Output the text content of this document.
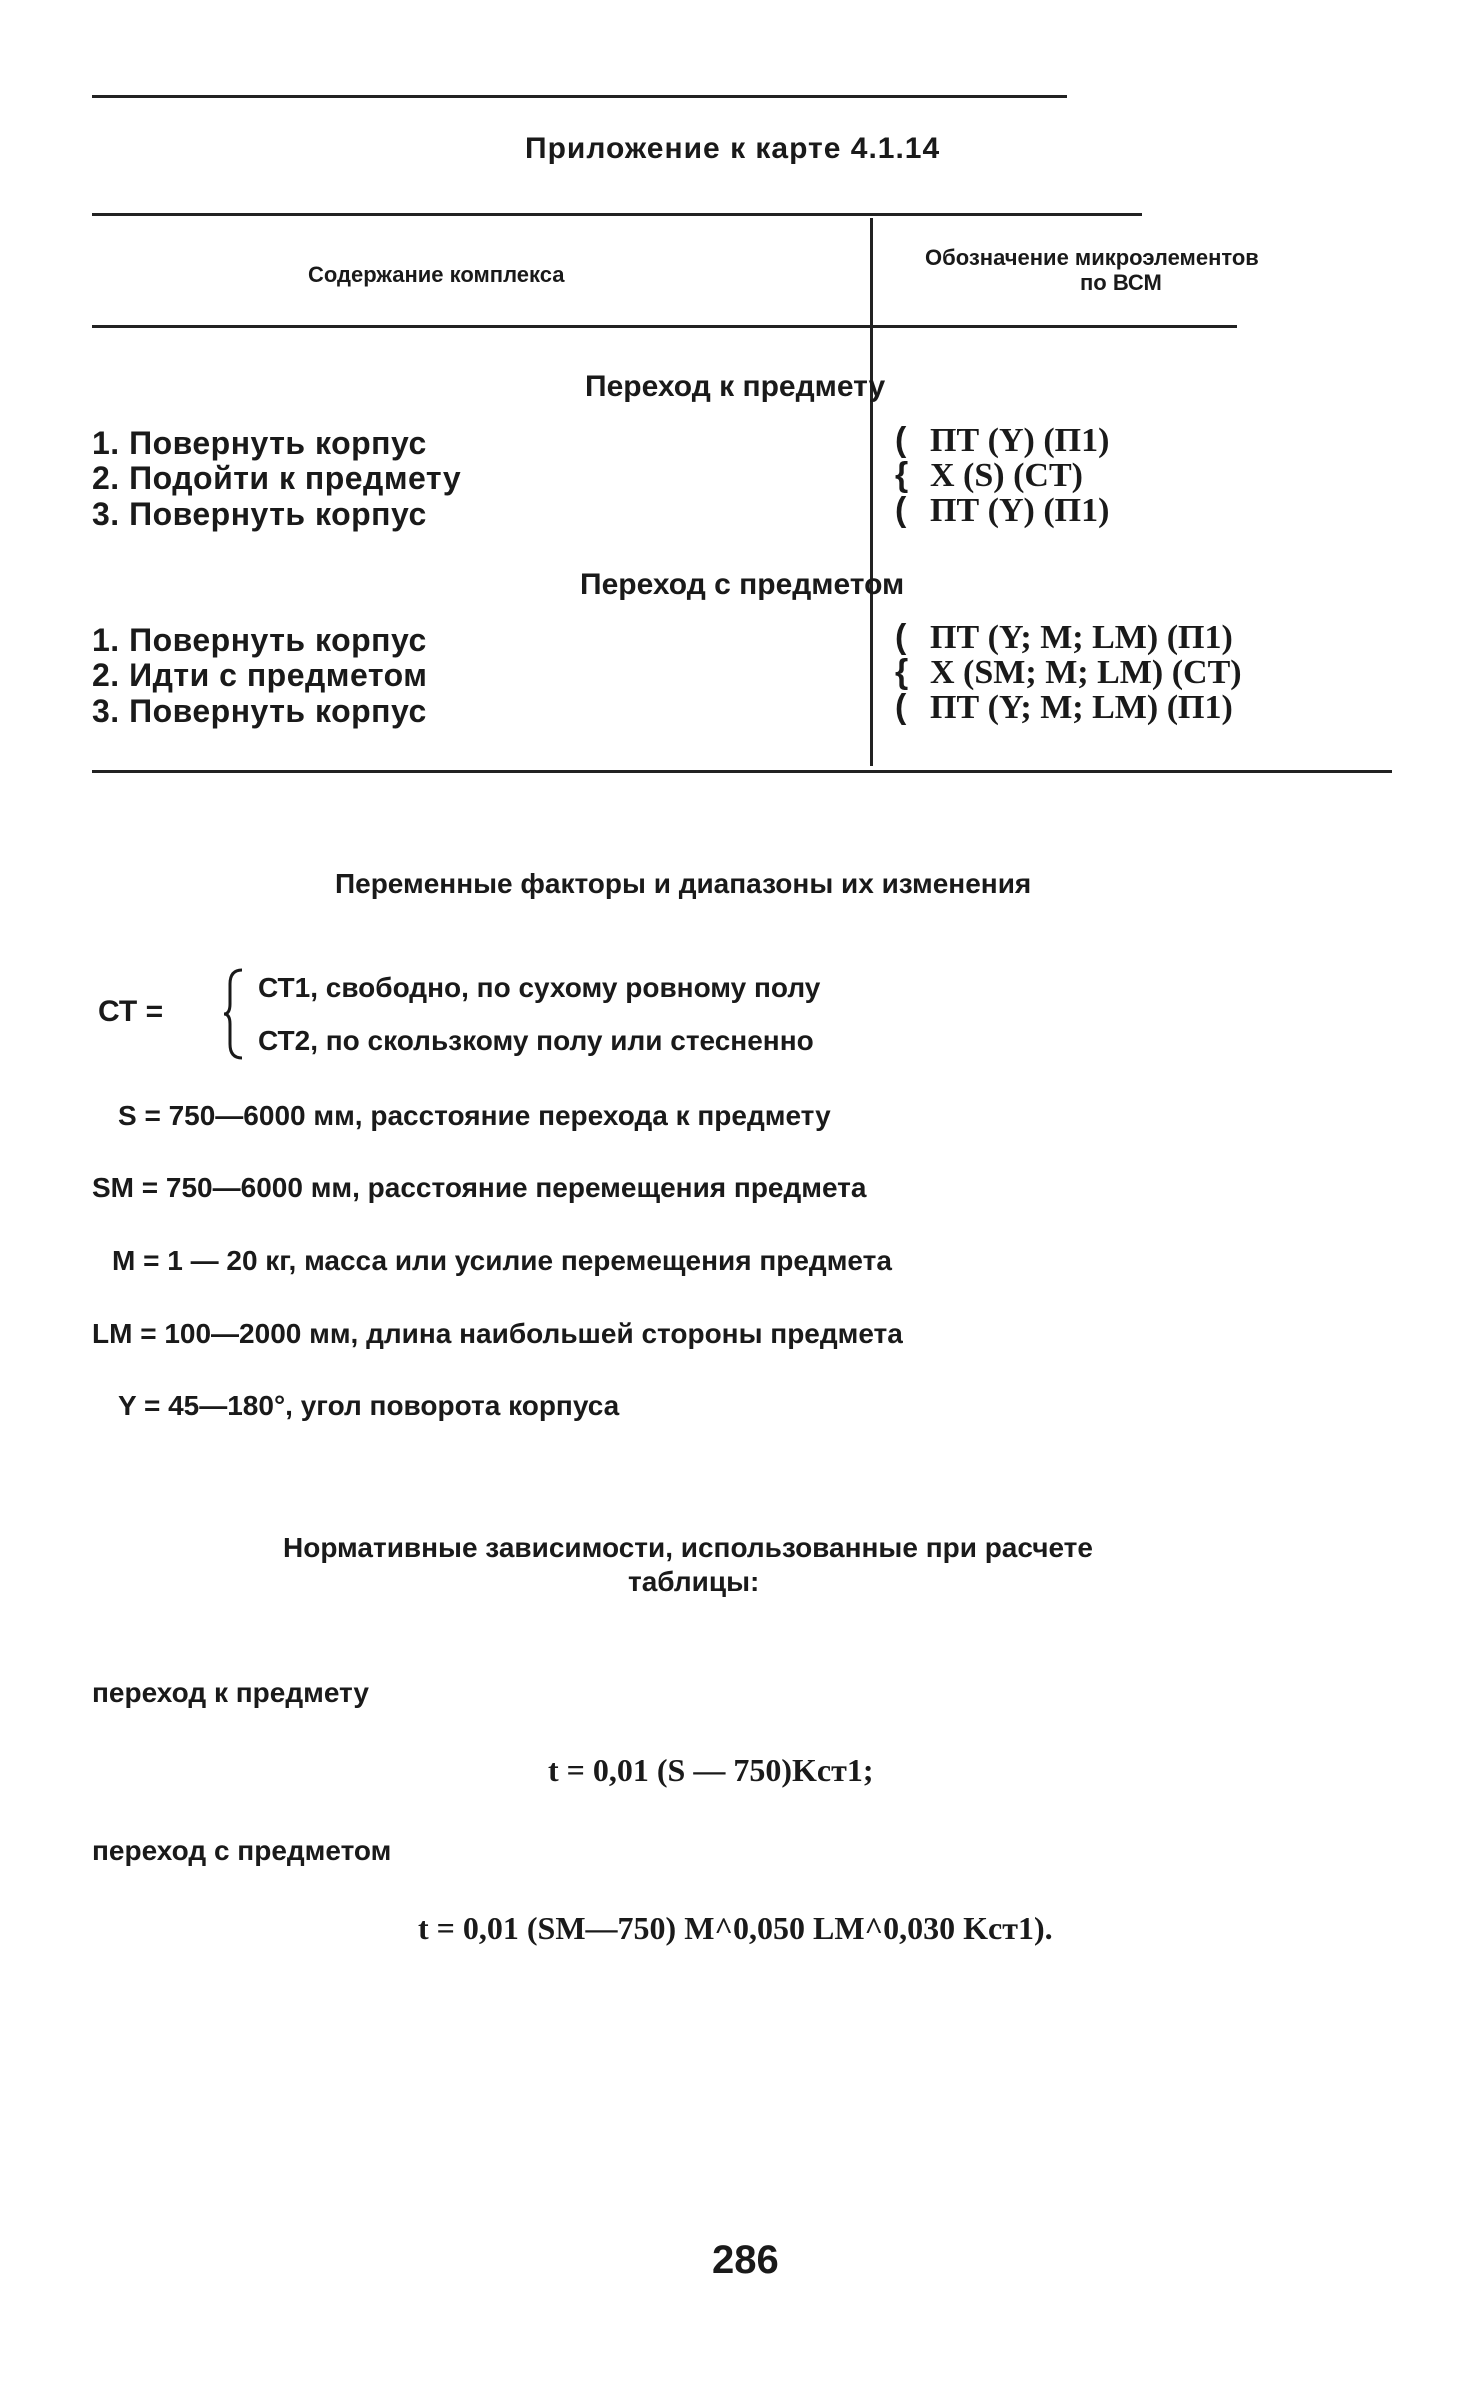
Приложение к карте 4.1.14
Содержание комплекса
Обозначение микроэлементов
по ВСМ
Переход к предмету
1. Повернуть корпус
2. Подойти к предмету
3. Повернуть корпус
(
{
(
ПТ (Y) (П1)
Х (S) (СТ)
ПТ (Y) (П1)
Переход с предметом
1. Повернуть корпус
2. Идти с предметом
3. Повернуть корпус
(
{
(
ПТ (Y; M; LM) (П1)
Х (SM; M; LM) (СТ)
ПТ (Y; M; LM) (П1)
Переменные факторы и диапазоны их изменения
СТ =
СТ1, свободно, по сухому ровному полу
СТ2, по скользкому полу или стесненно
S = 750—6000 мм, расстояние перехода к предмету
SM = 750—6000 мм, расстояние перемещения предмета
M = 1 — 20 кг, масса или усилие перемещения предмета
LM = 100—2000 мм, длина наибольшей стороны предмета
Y = 45—180°, угол поворота корпуса
Нормативные зависимости, использованные при расчете
таблицы:
переход к предмету
t = 0,01 (S — 750)Kст1;
переход с предметом
t = 0,01 (SM—750) M^0,050 LM^0,030 Kст1).
286
